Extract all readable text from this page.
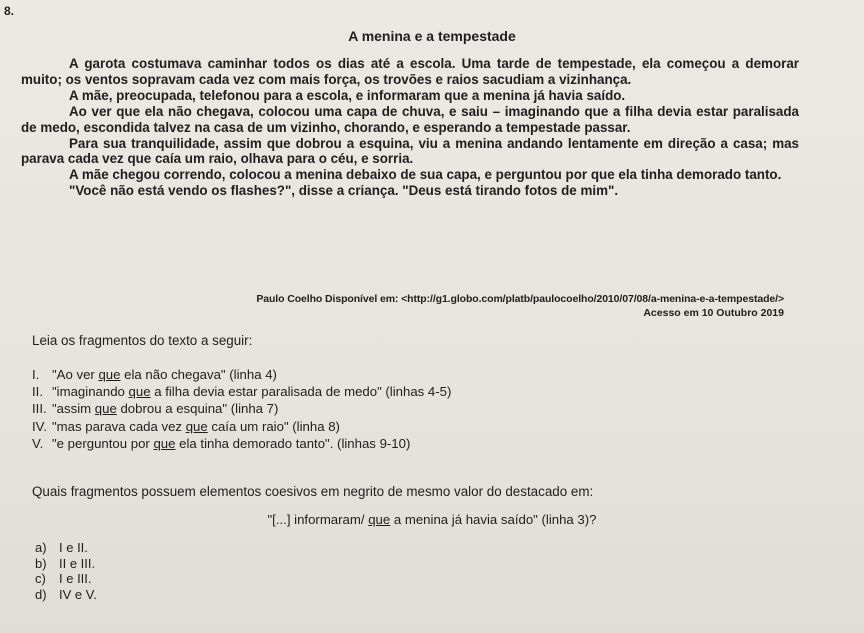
8.
A menina e a tempestade

A garota costumava caminhar todos os dias até a escola. Uma tarde de tempestade, ela começou a demorar muito; os ventos sopravam cada vez com mais força, os trovões e raios sacudiam a vizinhança.

A mãe, preocupada, telefonou para a escola, e informaram que a menina já havia saído.

Ao ver que ela não chegava, colocou uma capa de chuva, e saiu – imaginando que a filha devia estar paralisada de medo, escondida talvez na casa de um vizinho, chorando, e esperando a tempestade passar.

Para sua tranquilidade, assim que dobrou a esquina, viu a menina andando lentamente em direção a casa; mas parava cada vez que caía um raio, olhava para o céu, e sorria.

A mãe chegou correndo, colocou a menina debaixo de sua capa, e perguntou por que ela tinha demorado tanto.

"Você não está vendo os flashes?", disse a criança. "Deus está tirando fotos de mim".

Paulo Coelho Disponível em: <http://g1.globo.com/platb/paulocoelho/2010/07/08/a-menina-e-a-tempestade/>
Acesso em 10 Outubro 2019
Leia os fragmentos do texto a seguir:
I. "Ao ver que ela não chegava" (linha 4)
II. "imaginando que a filha devia estar paralisada de medo" (linhas 4-5)
III. "assim que dobrou a esquina" (linha 7)
IV. "mas parava cada vez que caía um raio" (linha 8)
V. "e perguntou por que ela tinha demorado tanto". (linhas 9-10)
Quais fragmentos possuem elementos coesivos em negrito de mesmo valor do destacado em:
"[...] informaram/ que a menina já havia saído" (linha 3)?
a) I e II.
b) II e III.
c)	I e III.
d) IV e V.
